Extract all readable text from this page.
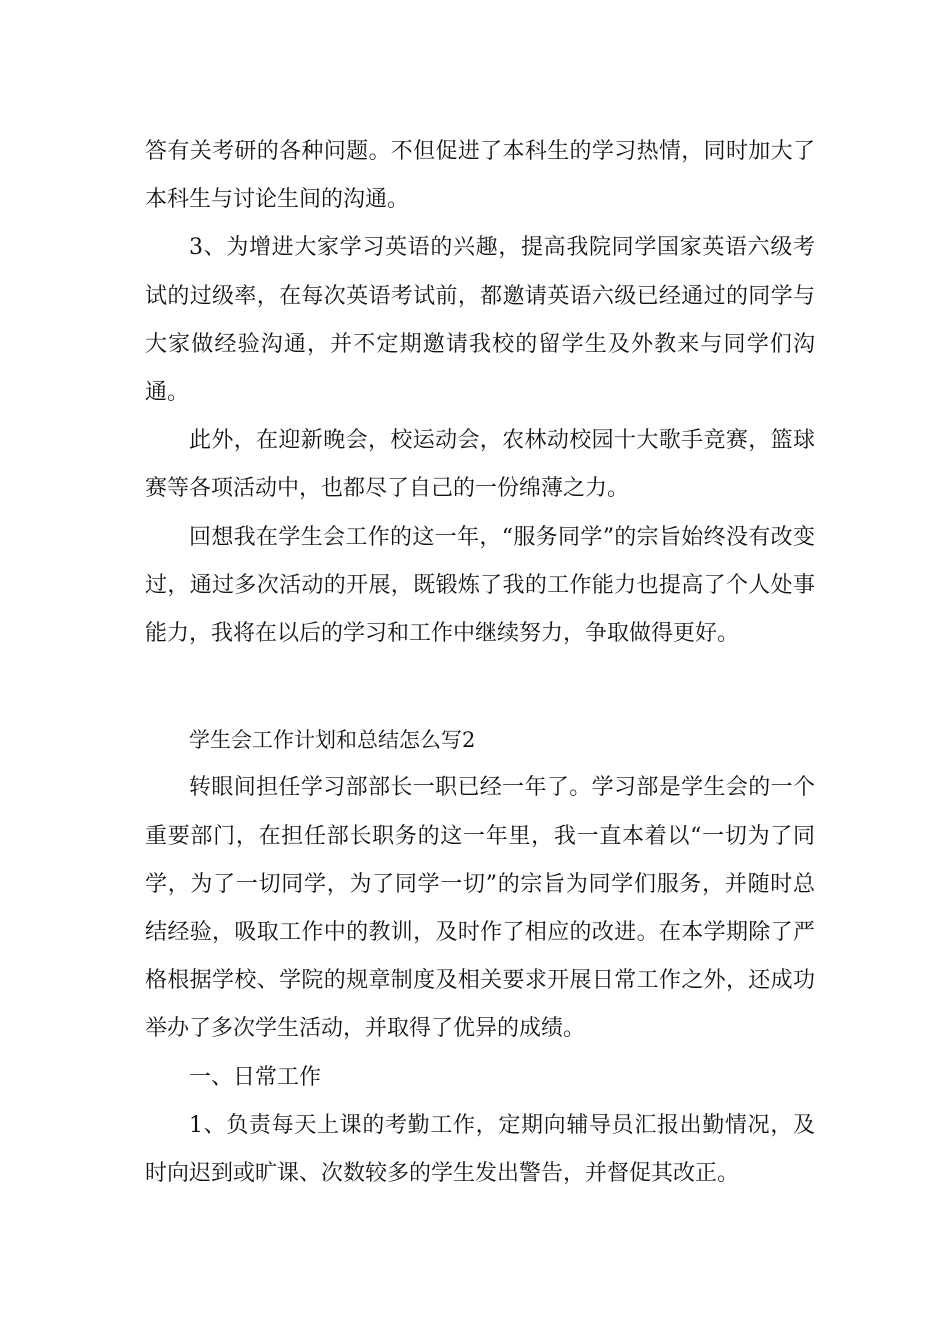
答有关考研的各种问题。不但促进了本科生的学习热情，同时加大了本科生与讨论生间的沟通。

3、为增进大家学习英语的兴趣，提高我院同学国家英语六级考试的过级率，在每次英语考试前，都邀请英语六级已经通过的同学与大家做经验沟通，并不定期邀请我校的留学生及外教来与同学们沟通。

此外，在迎新晚会，校运动会，农林动校园十大歌手竞赛，篮球赛等各项活动中，也都尽了自己的一份绵薄之力。

回想我在学生会工作的这一年，“服务同学”的宗旨始终没有改变过，通过多次活动的开展，既锻炼了我的工作能力也提高了个人处事能力，我将在以后的学习和工作中继续努力，争取做得更好。

学生会工作计划和总结怎么写2

转眼间担任学习部部长一职已经一年了。学习部是学生会的一个重要部门，在担任部长职务的这一年里，我一直本着以“一切为了同学，为了一切同学，为了同学一切”的宗旨为同学们服务，并随时总结经验，吸取工作中的教训，及时作了相应的改进。在本学期除了严格根据学校、学院的规章制度及相关要求开展日常工作之外，还成功举办了多次学生活动，并取得了优异的成绩。

一、日常工作

1、负责每天上课的考勤工作，定期向辅导员汇报出勤情况，及时向迟到或旷课、次数较多的学生发出警告，并督促其改正。
